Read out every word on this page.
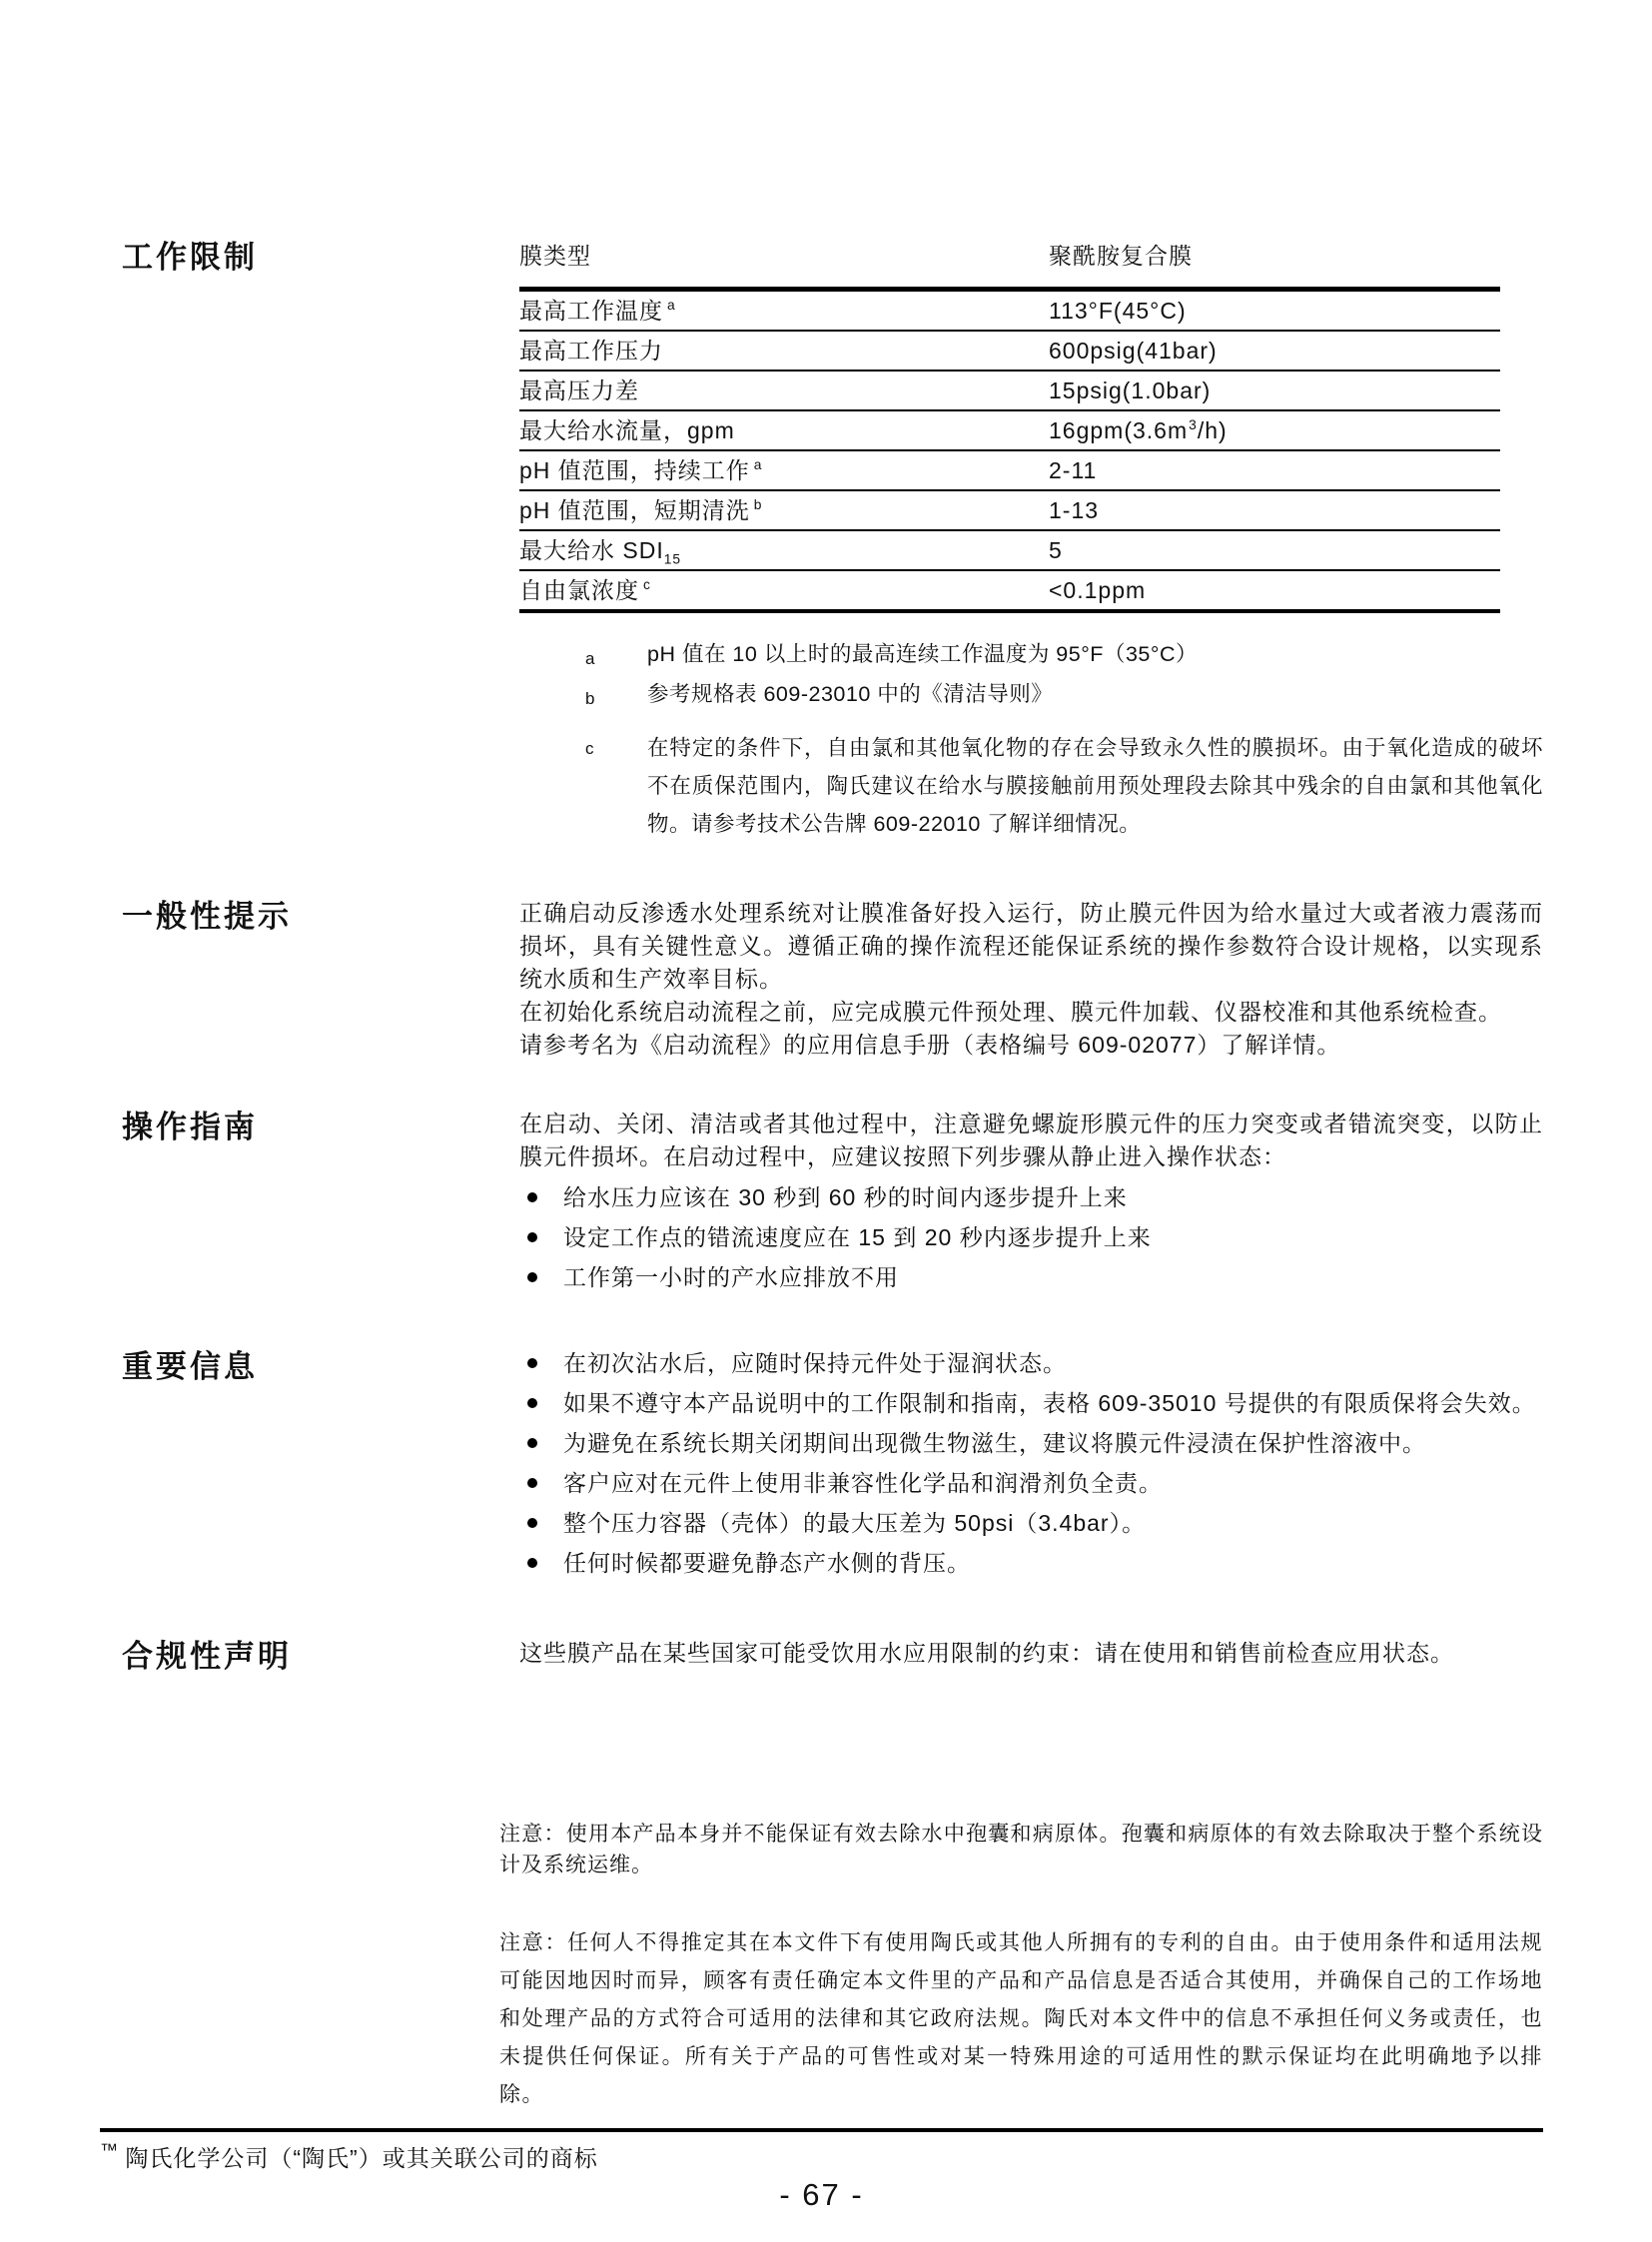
工作限制	膜类型	聚酰胺复合膜
最高工作温度 $^a$	113°F(45°C)
最高工作压力	600psig(41bar)
最高压力差	15psig(1.0bar)
最大给水流量，gpm	$16gpm(3.6m^3/h)$
pH 值范围，持续工作 $^a$	2-11
pH 值范围，短期清洗 $^b$	1-13
最大给水 $SDI_{15}$	5
自由氯浓度 $^c$	<0.1ppm
a	pH 值在 10 以上时的最高连续工作温度为 95°F（35°C）
b	参考规格表 609-23010 中的《清洁导则》
c	在特定的条件下，自由氯和其他氧化物的存在会导致永久性的膜损坏。由于氧化造成的破坏不在质保范围内，陶氏建议在给水与膜接触前用预处理段去除其中残余的自由氯和其他氧化物。请参考技术公告牌 609-22010 了解详细情况。
一般性提示	正确启动反渗透水处理系统对让膜准备好投入运行，防止膜元件因为给水量过大或者液力震荡而损坏，具有关键性意义。遵循正确的操作流程还能保证系统的操作参数符合设计规格，以实现系统水质和生产效率目标。
在初始化系统启动流程之前，应完成膜元件预处理、膜元件加载、仪器校准和其他系统检查。
请参考名为《启动流程》的应用信息手册（表格编号 609-02077）了解详情。
操作指南	在启动、关闭、清洁或者其他过程中，注意避免螺旋形膜元件的压力突变或者错流突变，以防止膜元件损坏。在启动过程中，应建议按照下列步骤从静止进入操作状态：
给水压力应该在 30 秒到 60 秒的时间内逐步提升上来
设定工作点的错流速度应在 15 到 20 秒内逐步提升上来
工作第一小时的产水应排放不用
重要信息	在初次沾水后，应随时保持元件处于湿润状态。
如果不遵守本产品说明中的工作限制和指南，表格 609-35010 号提供的有限质保将会失效。
为避免在系统长期关闭期间出现微生物滋生，建议将膜元件浸渍在保护性溶液中。
客户应对在元件上使用非兼容性化学品和润滑剂负全责。
整个压力容器（壳体）的最大压差为 50psi（3.4bar）。
任何时候都要避免静态产水侧的背压。
合规性声明	这些膜产品在某些国家可能受饮用水应用限制的约束：请在使用和销售前检查应用状态。
注意：使用本产品本身并不能保证有效去除水中孢囊和病原体。孢囊和病原体的有效去除取决于整个系统设计及系统运维。
注意：任何人不得推定其在本文件下有使用陶氏或其他人所拥有的专利的自由。由于使用条件和适用法规可能因地因时而异，顾客有责任确定本文件里的产品和产品信息是否适合其使用，并确保自己的工作场地和处理产品的方式符合可适用的法律和其它政府法规。陶氏对本文件中的信息不承担任何义务或责任，也未提供任何保证。所有关于产品的可售性或对某一特殊用途的可适用性的默示保证均在此明确地予以排除。
™ 陶氏化学公司（“陶氏”）或其关联公司的商标
- 67 -
